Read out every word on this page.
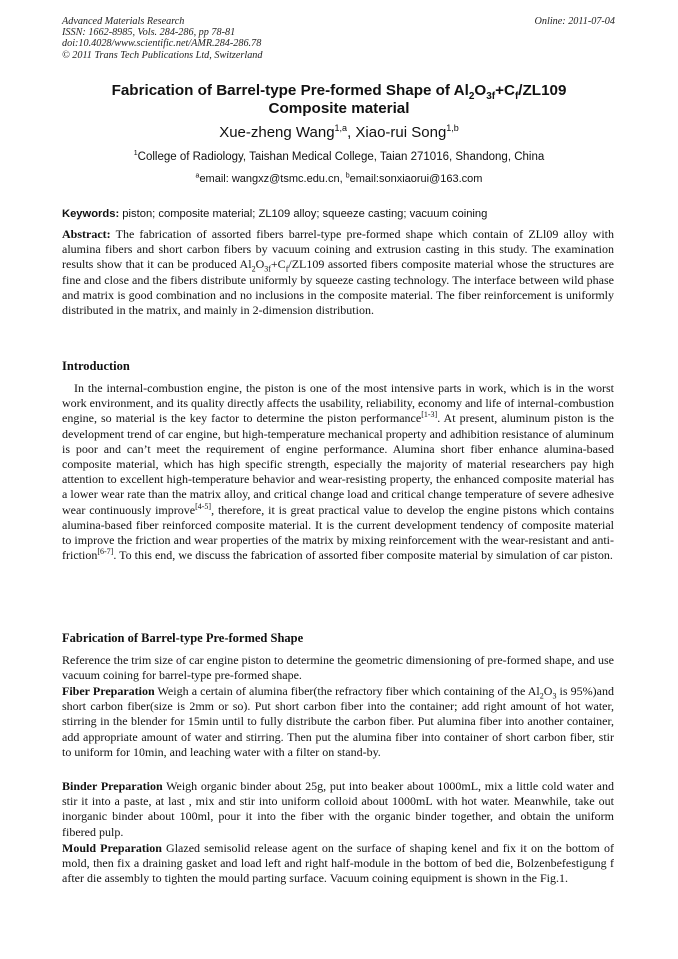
Advanced Materials Research
ISSN: 1662-8985, Vols. 284-286, pp 78-81
doi:10.4028/www.scientific.net/AMR.284-286.78
© 2011 Trans Tech Publications Ltd, Switzerland
Online: 2011-07-04
Fabrication of Barrel-type Pre-formed Shape of $Al_2O_{3f}+C_f/ZL109$
Composite material
Xue-zheng Wang$^{1,a}$, Xiao-rui Song$^{1,b}$
$^1$College of Radiology, Taishan Medical College, Taian 271016, Shandong, China
$^a$email: wangxz@tsmc.edu.cn, $^b$email:sonxiaorui@163.com
Keywords: piston; composite material; ZL109 alloy; squeeze casting; vacuum coining

Abstract: The fabrication of assorted fibers barrel-type pre-formed shape which contain of ZLl09 alloy with alumina fibers and short carbon fibers by vacuum coining and extrusion casting in this study. The examination results show that it can be produced $Al_2O_{3f}+C_f/ZL109$ assorted fibers composite material whose the structures are fine and close and the fibers distribute uniformly by squeeze casting technology. The interface between wild phase and matrix is good combination and no inclusions in the composite material. The fiber reinforcement is uniformly distributed in the matrix, and mainly in 2-dimension distribution.

Introduction

In the internal-combustion engine, the piston is one of the most intensive parts in work, which is in the worst work environment, and its quality directly affects the usability, reliability, economy and life of internal-combustion engine, so material is the key factor to determine the piston performance[1-3]. At present, aluminum piston is the development trend of car engine, but high-temperature mechanical property and adhibition resistance of aluminum is poor and can’t meet the requirement of engine performance. Alumina short fiber enhance alumina-based composite material, which has high specific strength, especially the majority of material researchers pay high attention to excellent high-temperature behavior and wear-resisting property, the enhanced composite material has a lower wear rate than the matrix alloy, and critical change load and critical change temperature of severe adhesive wear continuously improve[4-5], therefore, it is great practical value to develop the engine pistons which contains alumina-based fiber reinforced composite material. It is the current development tendency of composite material to improve the friction and wear properties of the matrix by mixing reinforcement with the wear-resistant and anti-friction[6-7]. To this end, we discuss the fabrication of assorted fiber composite material by simulation of car piston.

Fabrication of Barrel-type Pre-formed Shape

Reference the trim size of car engine piston to determine the geometric dimensioning of pre-formed shape, and use vacuum coining for barrel-type pre-formed shape.

Fiber Preparation Weigh a certain of alumina fiber(the refractory fiber which containing of the $Al_2O_3$ is 95%)and short carbon fiber(size is 2mm or so). Put short carbon fiber into the container; add right amount of hot water, stirring in the blender for 15min until to fully distribute the carbon fiber. Put alumina fiber into another container, add appropriate amount of water and stirring. Then put the alumina fiber into container of short carbon fiber, stir to uniform for 10min, and leaching water with a filter on stand-by.

Binder Preparation Weigh organic binder about 25g, put into beaker about 1000mL, mix a little cold water and stir it into a paste, at last , mix and stir into uniform colloid about 1000mL with hot water. Meanwhile, take out inorganic binder about 100ml, pour it into the fiber with the organic binder together, and obtain the uniform fibered pulp.

Mould Preparation Glazed semisolid release agent on the surface of shaping kenel and fix it on the bottom of mold, then fix a draining gasket and load left and right half-module in the bottom of bed die, Bolzenbefestigung f after die assembly to tighten the mould parting surface. Vacuum coining equipment is shown in the Fig.1.
